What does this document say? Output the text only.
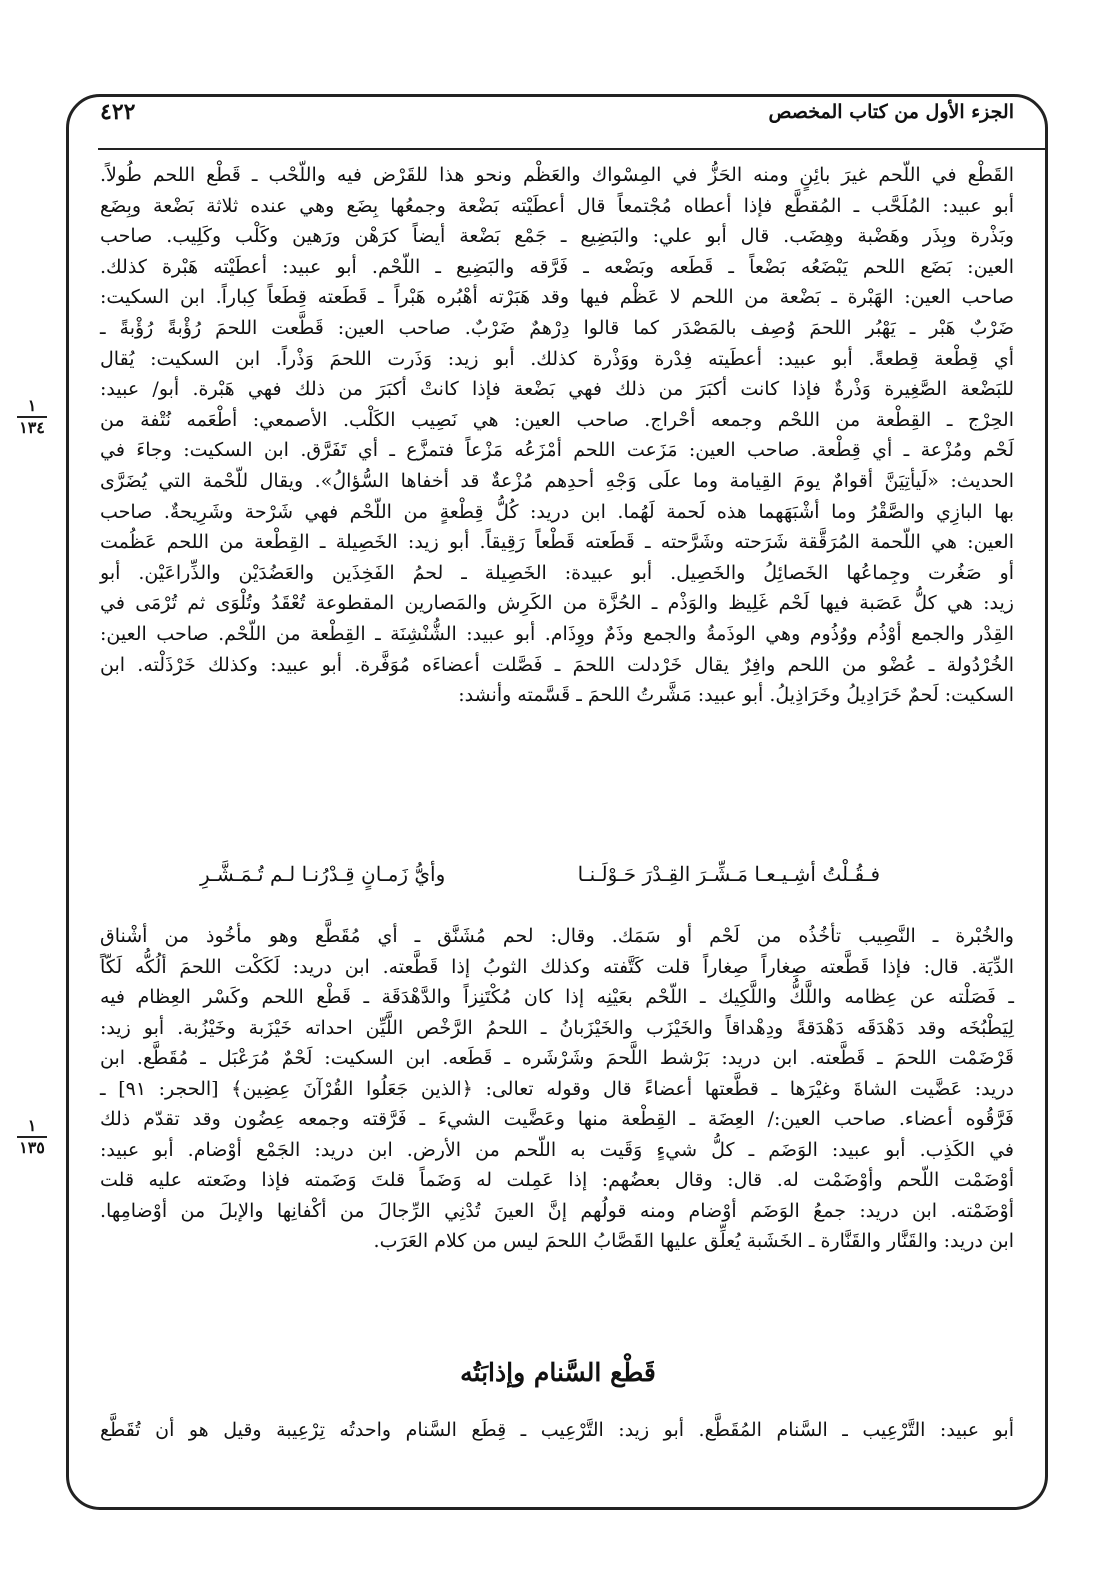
الجزء الأول من كتاب المخصص
٤٢٢

القَطْع في اللّحم غيرَ بائِنٍ ومنه الحَزُّ في المِسْواك والعَظْم ونحو هذا للقَرْض فيه واللّحْب ـ قَطْع اللحم طُولاً.

أبو عبيد: المُلَحَّب ـ المُقطَّع فإذا أعطاه مُجْتمعاً قال أعطَيْته بَضْعة وجمعُها بِضَع وهي عنده ثلاثة بَضْعة وبِضَع

وبَذْرة وبِذَر وهَضْبة وهِضَب. قال أبو علي: والبَضِيع ـ جَمْع بَضْعة أيضاً كرَهْن ورَهين وكَلْب وكَلِيب. صاحب

العين: بَضَع اللحم يَبْضَعُه بَضْعاً ـ قَطَعه وبَضْعه ـ فَرَّقه والبَضِيع ـ اللّحْم. أبو عبيد: أعطَيْته هَبْرة كذلك.

صاحب العين: الهَبْرة ـ بَضْعة من اللحم لا عَظْم فيها وقد هَبَرْته أهْبُره هَبْراً ـ قَطَعته قِطَعاً كِباراً. ابن السكيت:

ضَرْبٌ هَبْر ـ يَهْبُر اللحمَ وُصِف بالمَصْدَر كما قالوا دِرْهمٌ ضَرْبٌ. صاحب العين: قَطَّعت اللحمَ رُؤْبةً رُؤْبةً ـ

أي قِطْعة قِطعةً. أبو عبيد: أعطَيته فِدْرة ووَذْرة كذلك. أبو زيد: وَذَرت اللحمَ وَذْراً. ابن السكيت: يُقال

للبَضْعة الصَّغِيرة وَذْرةٌ فإذا كانت أكبَرَ من ذلك فهي بَضْعة فإذا كانتْ أكبَرَ من ذلك فهي هَبْرة. أبو/ عبيد:

الحِرْج ـ القِطْعة من اللحْم وجمعه أحْراج. صاحب العين: هي نَصِيب الكَلْب. الأصمعي: أطْعَمه نُتْفة من

لَحْم ومُزْعة ـ أي قِطْعة. صاحب العين: مَزَعت اللحم أمْزَعُه مَزْعاً فتمزَّع ـ أي تَفَرَّق. ابن السكيت: وجاءَ في

الحديث: «لَيأتِيَنَّ أقوامٌ يومَ القِيامة وما علَى وَجْهِ أحدِهم مُزْعةٌ قد أخفاها السُّؤالُ». ويقال للّحْمة التي يُضَرَّى

بها البازِي والصَّقْرُ وما أشْبَهَهما هذه لَحمة لَهُما. ابن دريد: كُلُّ قِطْعةٍ من اللّحْم فهي شَرْحة وشَرِيحةٌ. صاحب

العين: هي اللّحمة المُرَقَّقة شَرَحته وشَرَّحته ـ قَطَعته قَطْعاً رَقِيقاً. أبو زيد: الخَصِيلة ـ القِطْعة من اللحم عَظُمت

أو صَغُرت وجِماعُها الخَصائِلُ والخَصِيل. أبو عبيدة: الخَصِيلة ـ لحمُ الفَخِذَين والعَضُدَيْن والذِّراعَيْن. أبو

زيد: هي كلُّ عَصَبة فيها لَحْم غَلِيظ والوَذْم ـ الحُزَّة من الكَرِش والمَصارين المقطوعة تُعْقَدُ وتُلْوَى ثم تُرْمَى في

القِدْر والجمع أوْذُم ووُذُوم وهي الوذَمةُ والجمع وذَمٌ ووِذَام. أبو عبيد: الشُّنْشِنَة ـ القِطْعة من اللّحْم. صاحب العين:

الخُرْدُولة ـ عُضْو من اللحم وافِرٌ يقال خَرْدلت اللحمَ ـ فَصَّلت أعضاءَه مُوَفَّرة. أبو عبيد: وكذلك خَرْذَلْته. ابن

السكيت: لَحمٌ خَرَادِيلُ وخَرَاذِيلُ. أبو عبيد: مَشَّرتُ اللحمَ ـ قَسَّمته وأنشد:

١
١٣٤
فـقُـلْتُ أشِـيـعـا مَـشِّـرَ القِـدْرَ حَـوْلَـنـا
وأيُّ زَمـانٍ قِـدْرُنـا لـم تُـمَـشَّـرِ

والخُبْرة ـ النَّصِيب تأخُذُه من لَحْم أو سَمَك. وقال: لحم مُشَنَّق ـ أي مُقَطَّع وهو مأخُوذ من أشْناق

الدِّيَة. قال: فإذا قَطَّعته صِغاراً صِغاراً قلت كَتَّفته وكذلك الثوبُ إذا قَطَّعته. ابن دريد: لَكَكْت اللحمَ ألُكُّه لَكّاً

ـ فَصَلْته عن عِظامه واللَّكُّ واللَّكِيك ـ اللّحْم بعَيْنِه إذا كان مُكْتَنِزاً والدَّهْدَقَة ـ قَطْع اللحم وكَسْر العِظام فيه

لِيَطْبُخَه وقد دَهْدَقَه دَهْدَقةً ودِهْداقاً والخَيْزَب والخَيْزَبانُ ـ اللحمُ الرَّخْص اللَّيِّن احداته خَيْزَبة وخَيْزُبة. أبو زيد:

قَرْضَمْت اللحمَ ـ قَطَّعته. ابن دريد: بَرْشط اللَّحمَ وشَرْشَره ـ قَطَعه. ابن السكيت: لَحْمٌ مُرَعْبَل ـ مُقَطَّع. ابن

دريد: عَضَّيت الشاةَ وغيْرَها ـ قطَّعتها أعضاءً قال وقوله تعالى: ﴿الذين جَعَلُوا القُرْآنَ عِضِين﴾ [الحجر: ٩١] ـ

فَرَّقُوه أعضاء. صاحب العين:/ العِضَة ـ القِطْعة منها وعَضَّيت الشيءَ ـ فَرَّقته وجمعه عِضُون وقد تقدّم ذلك

في الكَذِب. أبو عبيد: الوَضَم ـ كلُّ شيءٍ وَقَيت به اللّحم من الأرض. ابن دريد: الجَمْع أوْضام. أبو عبيد:

أوْضَمْت اللّحم وأوْضَمْت له. قال: وقال بعضُهم: إذا عَمِلت له وَضَماً قلتَ وَضَمته فإذا وضَعته عليه قلت

أوْضَمْته. ابن دريد: جمعُ الوَضَم أوْضام ومنه قولُهم إنَّ العينَ تُدْنِي الرِّجالَ من أكْفانِها والإبلَ من أوْضامِها.

ابن دريد: والقَنَّار والقَنَّارة ـ الخَشَبة يُعلِّق عليها القَصَّابُ اللحمَ ليس من كلام العَرَب.

١
١٣٥
قَطْع السَّنام وإذابَتُه
أبو عبيد: التَّرْعِيب ـ السَّنام المُقَطَّع. أبو زيد: التَّرْعِيب ـ قِطَع السَّنام واحدتُه تِرْعِيبة وقيل هو أن تُقَطَّع
